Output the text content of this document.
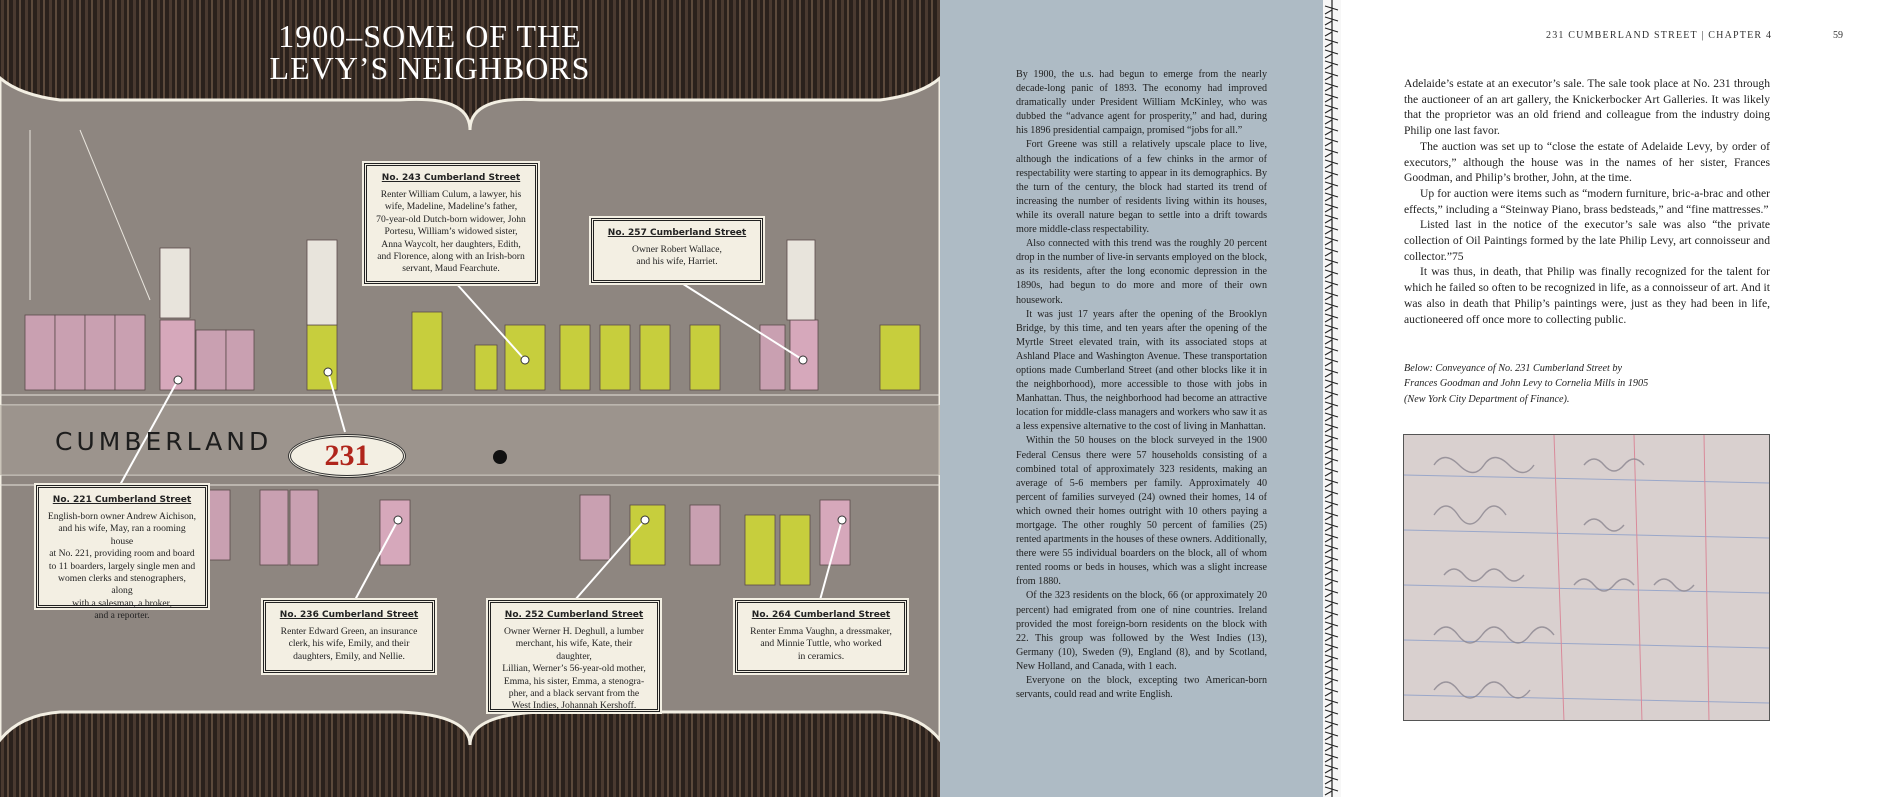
1900–SOME OF THE
LEVY’S NEIGHBORS
CUMBERLAND	231
No. 243 Cumberland Street
Renter William Culum, a lawyer, his
wife, Madeline, Madeline’s father,
70-year-old Dutch-born widower, John
Portesu, William’s widowed sister,
Anna Waycolt, her daughters, Edith,
and Florence, along with an Irish-born
servant, Maud Fearchute.
No. 257 Cumberland Street
Owner Robert Wallace,
and his wife, Harriet.
No. 221 Cumberland Street
English-born owner Andrew Aichison,
and his wife, May, ran a rooming house
at No. 221, providing room and board
to 11 boarders, largely single men and
women clerks and stenographers, along
with a salesman, a broker,
and a reporter.	No. 236 Cumberland Street
Renter Edward Green, an insurance
clerk, his wife, Emily, and their
daughters, Emily, and Nellie.
No. 252 Cumberland Street
Owner Werner H. Deghull, a lumber
merchant, his wife, Kate, their daughter,
Lillian, Werner’s 56-year-old mother,
Emma, his sister, Emma, a stenogra-
pher, and a black servant from the
West Indies, Johannah Kershoff.
No. 264 Cumberland Street
Renter Emma Vaughn, a dressmaker,
and Minnie Tuttle, who worked
in ceramics.

By 1900, the u.s. had begun to emerge from the nearly decade-long panic of 1893. The economy had improved dramatically under President William McKinley, who was dubbed the “advance agent for prosperity,” and had, during his 1896 presidential campaign, promised “jobs for all.”

Fort Greene was still a relatively upscale place to live, although the indications of a few chinks in the armor of respectability were starting to appear in its demographics. By the turn of the century, the block had started its trend of increasing the number of residents living within its houses, while its overall nature began to settle into a drift towards more middle-class respectability.

Also connected with this trend was the roughly 20 percent drop in the number of live-in servants employed on the block, as its residents, after the long economic depression in the 1890s, had begun to do more and more of their own housework.

It was just 17 years after the opening of the Brooklyn Bridge, by this time, and ten years after the opening of the Myrtle Street elevated train, with its associated stops at Ashland Place and Washington Avenue. These transportation options made Cumberland Street (and other blocks like it in the neighborhood), more accessible to those with jobs in Manhattan. Thus, the neighborhood had become an attractive location for middle-class managers and workers who saw it as a less expensive alternative to the cost of living in Manhattan.

Within the 50 houses on the block surveyed in the 1900 Federal Census there were 57 households consisting of a combined total of approximately 323 residents, making an average of 5-6 members per family. Approximately 40 percent of families surveyed (24) owned their homes, 14 of which owned their homes outright with 10 others paying a mortgage. The other roughly 50 percent of families (25) rented apartments in the houses of these owners. Additionally, there were 55 individual boarders on the block, all of whom rented rooms or beds in houses, which was a slight increase from 1880.

Of the 323 residents on the block, 66 (or approximately 20 percent) had emigrated from one of nine countries. Ireland provided the most foreign-born residents on the block with 22. This group was followed by the West Indies (13), Germany (10), Sweden (9), England (8), and by Scotland, New Holland, and Canada, with 1 each.

Everyone on the block, excepting two American-born servants, could read and write English.

231 CUMBERLAND STREET | CHAPTER 4	59

Adelaide’s estate at an executor’s sale. The sale took place at No. 231 through the auctioneer of an art gallery, the Knickerbocker Art Galleries. It was likely that the proprietor was an old friend and colleague from the industry doing Philip one last favor.

The auction was set up to “close the estate of Adelaide Levy, by order of executors,” although the house was in the names of her sister, Frances Goodman, and Philip’s brother, John, at the time.

Up for auction were items such as “modern furniture, bric-a-brac and other effects,” including a “Steinway Piano, brass bedsteads,” and “fine mattresses.”

Listed last in the notice of the executor’s sale was also “the private collection of Oil Paintings formed by the late Philip Levy, art connoisseur and collector.”75

It was thus, in death, that Philip was finally recognized for the talent for which he failed so often to be recognized in life, as a connoisseur of art. And it was also in death that Philip’s paintings were, just as they had been in life, auctioneered off once more to collecting public.

Below: Conveyance of No. 231 Cumberland Street by
Frances Goodman and John Levy to Cornelia Mills in 1905
(New York City Department of Finance).
